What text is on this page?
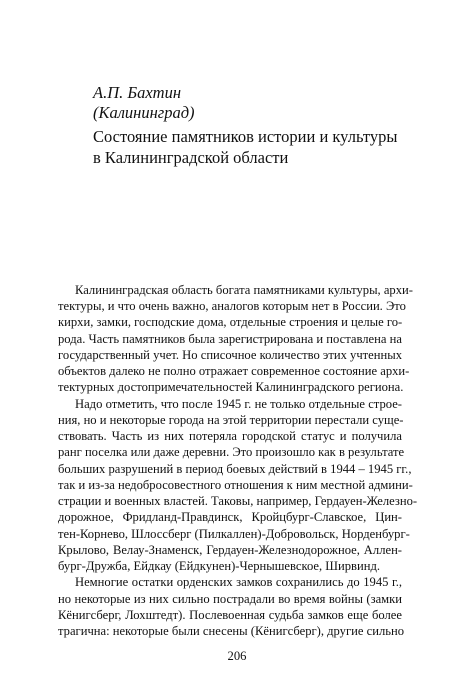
А.П. Бахтин
(Калининград)
Состояние памятников истории и культуры
в Калининградской области
Калининградская область богата памятниками культуры, архи-
тектуры, и что очень важно, аналогов которым нет в России. Это
кирхи, замки, господские дома, отдельные строения и целые го-
рода. Часть памятников была зарегистрирована и поставлена на
государственный учет. Но списочное количество этих учтенных
объектов далеко не полно отражает современное состояние архи-
тектурных достопримечательностей Калининградского региона.
Надо отметить, что после 1945 г. не только отдельные строе-
ния, но и некоторые города на этой территории перестали суще-
ствовать. Часть из них потеряла городской статус и получила
ранг поселка или даже деревни. Это произошло как в результате
больших разрушений в период боевых действий в 1944 – 1945 гг.,
так и из-за недобросовестного отношения к ним местной админи-
страции и военных властей. Таковы, например, Гердауен-Железно-
дорожное, Фридланд-Правдинск, Кройцбург-Славское, Цин-
тен-Корнево, Шлоссберг (Пилкаллен)-Добровольск, Норденбург-
Крылово, Велау-Знаменск, Гердауен-Железнодорожное, Аллен-
бург-Дружба, Ейдкау (Ейдкунен)-Чернышевское, Ширвинд.
Немногие остатки орденских замков сохранились до 1945 г.,
но некоторые из них сильно пострадали во время войны (замки
Кёнигсберг, Лохштедт). Послевоенная судьба замков еще более
трагична: некоторые были снесены (Кёнигсберг), другие сильно
206
